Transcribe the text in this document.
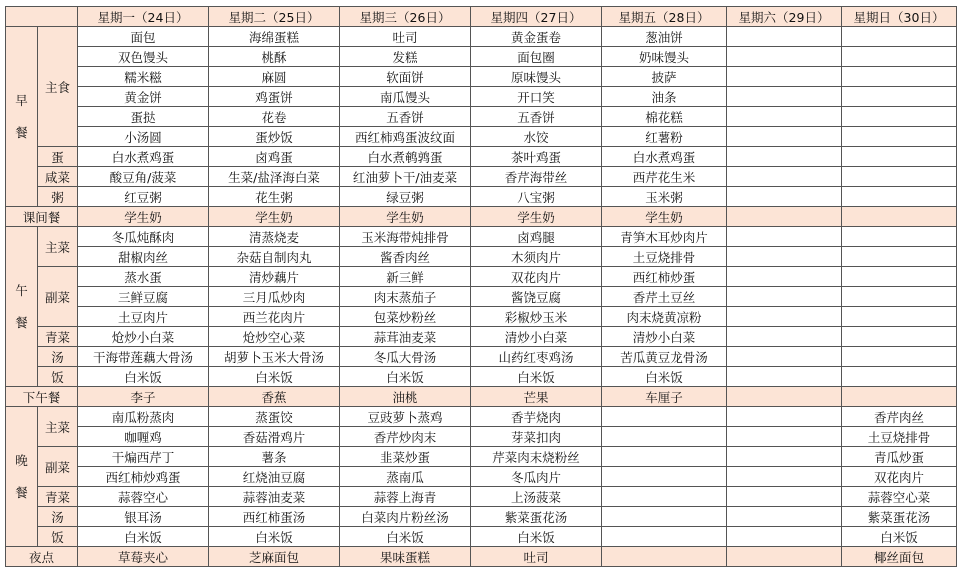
		星期一（24日）	星期二（25日）	星期三（26日）	星期四（27日）	星期五（28日）	星期六（29日）	星期日（30日）

早
餐	主食	面包	海绵蛋糕	吐司	黄金蛋卷	葱油饼		
		双色馒头	桃酥	发糕	面包圈	奶味馒头		
		糯米糍	麻圆	软面饼	原味馒头	披萨		
		黄金饼	鸡蛋饼	南瓜馒头	开口笑	油条		
		蛋挞	花卷	五香饼	五香饼	棉花糕		
		小汤圆	蛋炒饭	西红柿鸡蛋波纹面	水饺	红薯粉		
	蛋	白水煮鸡蛋	卤鸡蛋	白水煮鹌鹑蛋	茶叶鸡蛋	白水煮鸡蛋		
	咸菜	酸豆角/菠菜	生菜/盐泽海白菜	红油萝卜干/油麦菜	香芹海带丝	西芹花生米		
	粥	红豆粥	花生粥	绿豆粥	八宝粥	玉米粥		
课间餐		学生奶	学生奶	学生奶	学生奶	学生奶		

午
餐	主菜	冬瓜炖酥肉	清蒸烧麦	玉米海带炖排骨	卤鸡腿	青笋木耳炒肉片		
		甜椒肉丝	杂菇自制肉丸	酱香肉丝	木须肉片	土豆烧排骨		
	副菜	蒸水蛋	清炒藕片	新三鲜	双花肉片	西红柿炒蛋		
		三鲜豆腐	三月瓜炒肉	肉末蒸茄子	酱饶豆腐	香芹土豆丝		
		土豆肉片	西兰花肉片	包菜炒粉丝	彩椒炒玉米	肉末烧黄凉粉		
	青菜	炝炒小白菜	炝炒空心菜	蒜茸油麦菜	清炒小白菜	清炒小白菜		
	汤	干海带莲藕大骨汤	胡萝卜玉米大骨汤	冬瓜大骨汤	山药红枣鸡汤	苦瓜黄豆龙骨汤		
	饭	白米饭	白米饭	白米饭	白米饭	白米饭		
下午餐		李子	香蕉	油桃	芒果	车厘子		

晚
餐	主菜	南瓜粉蒸肉	蒸蛋饺	豆豉萝卜蒸鸡	香芋烧肉			香芹肉丝
		咖喱鸡	香菇滑鸡片	香芹炒肉末	芽菜扣肉			土豆烧排骨
	副菜	干煸西芹丁	薯条	韭菜炒蛋	芹菜肉末烧粉丝			青瓜炒蛋
		西红柿炒鸡蛋	红烧油豆腐	蒸南瓜	冬瓜肉片			双花肉片
	青菜	蒜蓉空心	蒜蓉油麦菜	蒜蓉上海青	上汤菠菜			蒜蓉空心菜
	汤	银耳汤	西红柿蛋汤	白菜肉片粉丝汤	紫菜蛋花汤			紫菜蛋花汤
	饭	白米饭	白米饭	白米饭	白米饭			白米饭
夜点		草莓夹心	芝麻面包	果味蛋糕	吐司			椰丝面包
